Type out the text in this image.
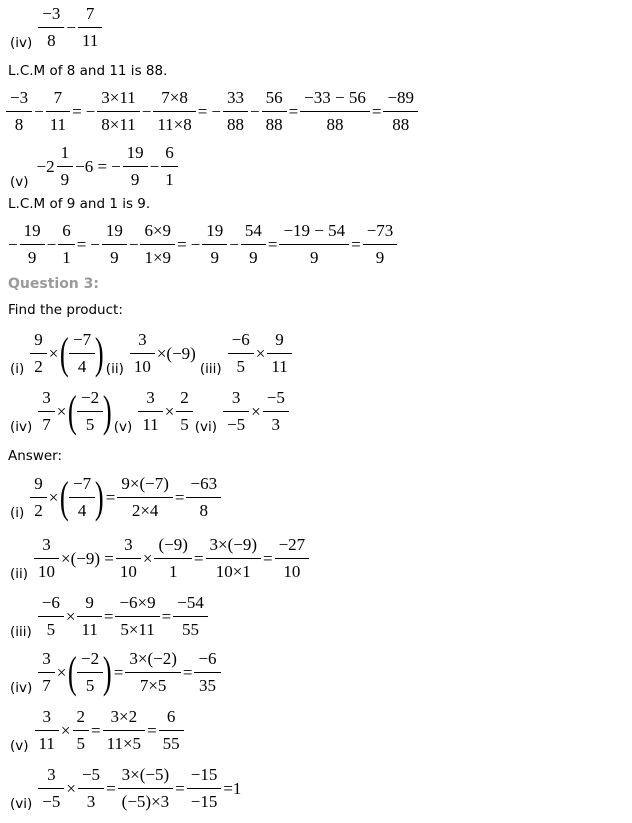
$(iv) \frac{-3}{8} - \frac{7}{11}$
L.C.M of 8 and 11 is 88.
$\frac{-3}{8} - \frac{7}{11}$ = − $\frac{3\times 11}{8\times 11} - \frac{7\times 8}{11\times 8}$ = − $\frac{33}{88} - \frac{56}{88} = \frac{-33 - 56}{88} = \frac{-89}{88}$
(v)
$-2 \frac{1}{9} -6$ = − $\frac{19}{9} - \frac{6}{1}$
L.C.M of 9 and 1 is 9.
− $\frac{19}{9} - \frac{6}{1}$ = − $\frac{19}{9} - \frac{6\times 9}{1\times 9}$ = − $\frac{19}{9} - \frac{54}{9} = \frac{-19 - 54}{9} = \frac{-73}{9}$
Question 3:
Find the product:
$(i) \frac{9}{2}$ × ( $\frac{-7}{4}$ ) $(ii) \frac{3}{10} \times(-9)$
$(iii) \frac{-6}{5} \times \frac{9}{11}$
$(iv) \frac{3}{7}$ × ( $\frac{-2}{5}$ ) $(v) \frac{3}{11} \times \frac{2}{5} (vi) \frac{3}{-5} \times \frac{-5}{3}$
Answer:
$(i) \frac{9}{2}$ × ( $\frac{-7}{4}$ ) = $\frac{9\times(-7)}{2\times 4} = \frac{-63}{8}$
$(ii) \frac{3}{10} \times(-9) = \frac{3}{10} \times \frac{(-9)}{1} = \frac{3\times(-9)}{10\times 1} = \frac{-27}{10}$
$(iii) \frac{-6}{5} \times \frac{9}{11} = \frac{-6\times 9}{5\times 11} = \frac{-54}{55}$
$(iv) \frac{3}{7}$ × ( $\frac{-2}{5}$ ) = $\frac{3\times(-2)}{7\times 5} = \frac{-6}{35}$
$(v) \frac{3}{11} \times \frac{2}{5} = \frac{3\times 2}{11\times 5} = \frac{6}{55}$
$(vi) \frac{3}{-5} \times \frac{-5}{3} = \frac{3\times(-5)}{(-5)\times 3} = \frac{-15}{-15} =1$
